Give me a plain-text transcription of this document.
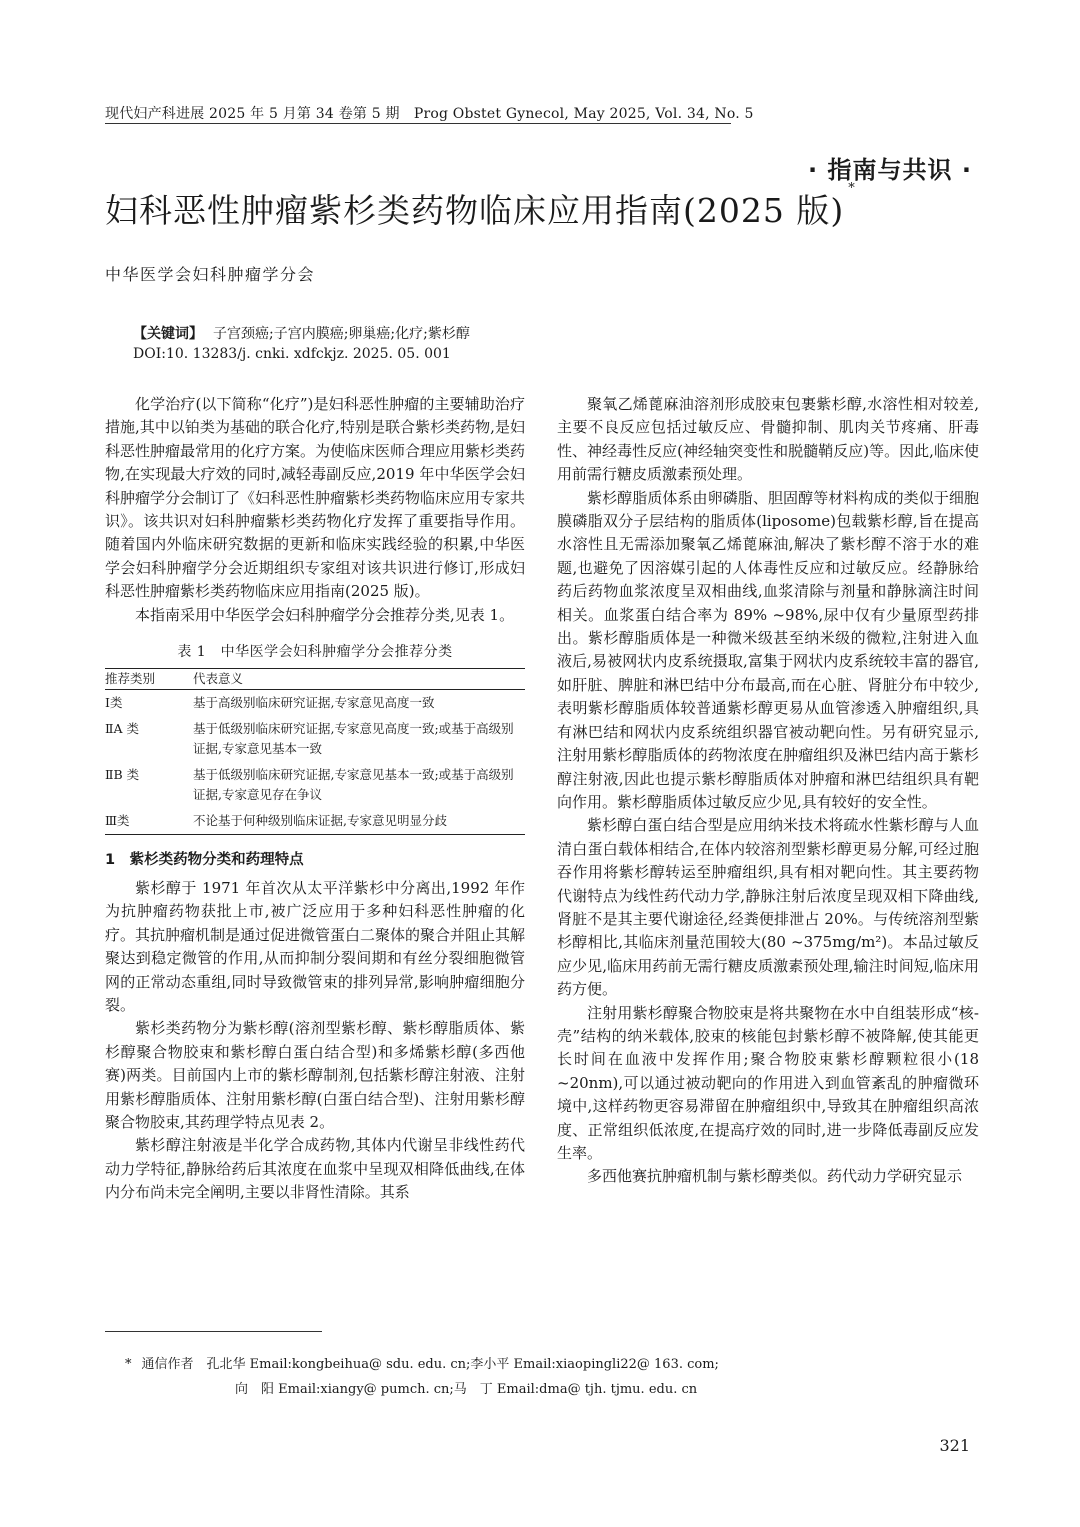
现代妇产科进展 2025 年 5 月第 34 卷第 5 期　Prog Obstet Gynecol, May 2025, Vol. 34, No. 5
· 指南与共识 ·
妇科恶性肿瘤紫杉类药物临床应用指南(2025 版)*
中华医学会妇科肿瘤学分会
【关键词】 子宫颈癌;子宫内膜癌;卵巢癌;化疗;紫杉醇
DOI:10. 13283/j. cnki. xdfckjz. 2025. 05. 001

化学治疗(以下简称“化疗”)是妇科恶性肿瘤的主要辅助治疗措施,其中以铂类为基础的联合化疗,特别是联合紫杉类药物,是妇科恶性肿瘤最常用的化疗方案。为使临床医师合理应用紫杉类药物,在实现最大疗效的同时,减轻毒副反应,2019 年中华医学会妇科肿瘤学分会制订了《妇科恶性肿瘤紫杉类药物临床应用专家共识》。该共识对妇科肿瘤紫杉类药物化疗发挥了重要指导作用。随着国内外临床研究数据的更新和临床实践经验的积累,中华医学会妇科肿瘤学分会近期组织专家组对该共识进行修订,形成妇科恶性肿瘤紫杉类药物临床应用指南(2025 版)。

本指南采用中华医学会妇科肿瘤学分会推荐分类,见表 1。

表 1　中华医学会妇科肿瘤学分会推荐分类
推荐类别	代表意义
Ⅰ类	基于高级别临床研究证据,专家意见高度一致
ⅡA 类	基于低级别临床研究证据,专家意见高度一致;或基于高级别证据,专家意见基本一致
ⅡB 类	基于低级别临床研究证据,专家意见基本一致;或基于高级别证据,专家意见存在争议
Ⅲ类	不论基于何种级别临床证据,专家意见明显分歧
1　紫杉类药物分类和药理特点

紫杉醇于 1971 年首次从太平洋紫杉中分离出,1992 年作为抗肿瘤药物获批上市,被广泛应用于多种妇科恶性肿瘤的化疗。其抗肿瘤机制是通过促进微管蛋白二聚体的聚合并阻止其解聚达到稳定微管的作用,从而抑制分裂间期和有丝分裂细胞微管网的正常动态重组,同时导致微管束的排列异常,影响肿瘤细胞分裂。

紫杉类药物分为紫杉醇(溶剂型紫杉醇、紫杉醇脂质体、紫杉醇聚合物胶束和紫杉醇白蛋白结合型)和多烯紫杉醇(多西他赛)两类。目前国内上市的紫杉醇制剂,包括紫杉醇注射液、注射用紫杉醇脂质体、注射用紫杉醇(白蛋白结合型)、注射用紫杉醇聚合物胶束,其药理学特点见表 2。

紫杉醇注射液是半化学合成药物,其体内代谢呈非线性药代动力学特征,静脉给药后其浓度在血浆中呈现双相降低曲线,在体内分布尚未完全阐明,主要以非肾性清除。其系

聚氧乙烯蓖麻油溶剂形成胶束包裹紫杉醇,水溶性相对较差,主要不良反应包括过敏反应、骨髓抑制、肌肉关节疼痛、肝毒性、神经毒性反应(神经轴突变性和脱髓鞘反应)等。因此,临床使用前需行糖皮质激素预处理。

紫杉醇脂质体系由卵磷脂、胆固醇等材料构成的类似于细胞膜磷脂双分子层结构的脂质体(liposome)包载紫杉醇,旨在提高水溶性且无需添加聚氧乙烯蓖麻油,解决了紫杉醇不溶于水的难题,也避免了因溶媒引起的人体毒性反应和过敏反应。经静脉给药后药物血浆浓度呈双相曲线,血浆清除与剂量和静脉滴注时间相关。血浆蛋白结合率为 89% ~98%,尿中仅有少量原型药排出。紫杉醇脂质体是一种微米级甚至纳米级的微粒,注射进入血液后,易被网状内皮系统摄取,富集于网状内皮系统较丰富的器官,如肝脏、脾脏和淋巴结中分布最高,而在心脏、肾脏分布中较少,表明紫杉醇脂质体较普通紫杉醇更易从血管渗透入肿瘤组织,具有淋巴结和网状内皮系统组织器官被动靶向性。另有研究显示,注射用紫杉醇脂质体的药物浓度在肿瘤组织及淋巴结内高于紫杉醇注射液,因此也提示紫杉醇脂质体对肿瘤和淋巴结组织具有靶向作用。紫杉醇脂质体过敏反应少见,具有较好的安全性。

紫杉醇白蛋白结合型是应用纳米技术将疏水性紫杉醇与人血清白蛋白载体相结合,在体内较溶剂型紫杉醇更易分解,可经过胞吞作用将紫杉醇转运至肿瘤组织,具有相对靶向性。其主要药物代谢特点为线性药代动力学,静脉注射后浓度呈现双相下降曲线,肾脏不是其主要代谢途径,经粪便排泄占 20%。与传统溶剂型紫杉醇相比,其临床剂量范围较大(80 ~375mg/m²)。本品过敏反应少见,临床用药前无需行糖皮质激素预处理,输注时间短,临床用药方便。

注射用紫杉醇聚合物胶束是将共聚物在水中自组装形成“核-壳”结构的纳米载体,胶束的核能包封紫杉醇不被降解,使其能更长时间在血液中发挥作用;聚合物胶束紫杉醇颗粒很小(18 ~20nm),可以通过被动靶向的作用进入到血管紊乱的肿瘤微环境中,这样药物更容易滞留在肿瘤组织中,导致其在肿瘤组织高浓度、正常组织低浓度,在提高疗效的同时,进一步降低毒副反应发生率。

多西他赛抗肿瘤机制与紫杉醇类似。药代动力学研究显示

* 通信作者　孔北华 Email:kongbeihua@ sdu. edu. cn;李小平 Email:xiaopingli22@ 163. com;
向　阳 Email:xiangy@ pumch. cn;马　丁 Email:dma@ tjh. tjmu. edu. cn
321
